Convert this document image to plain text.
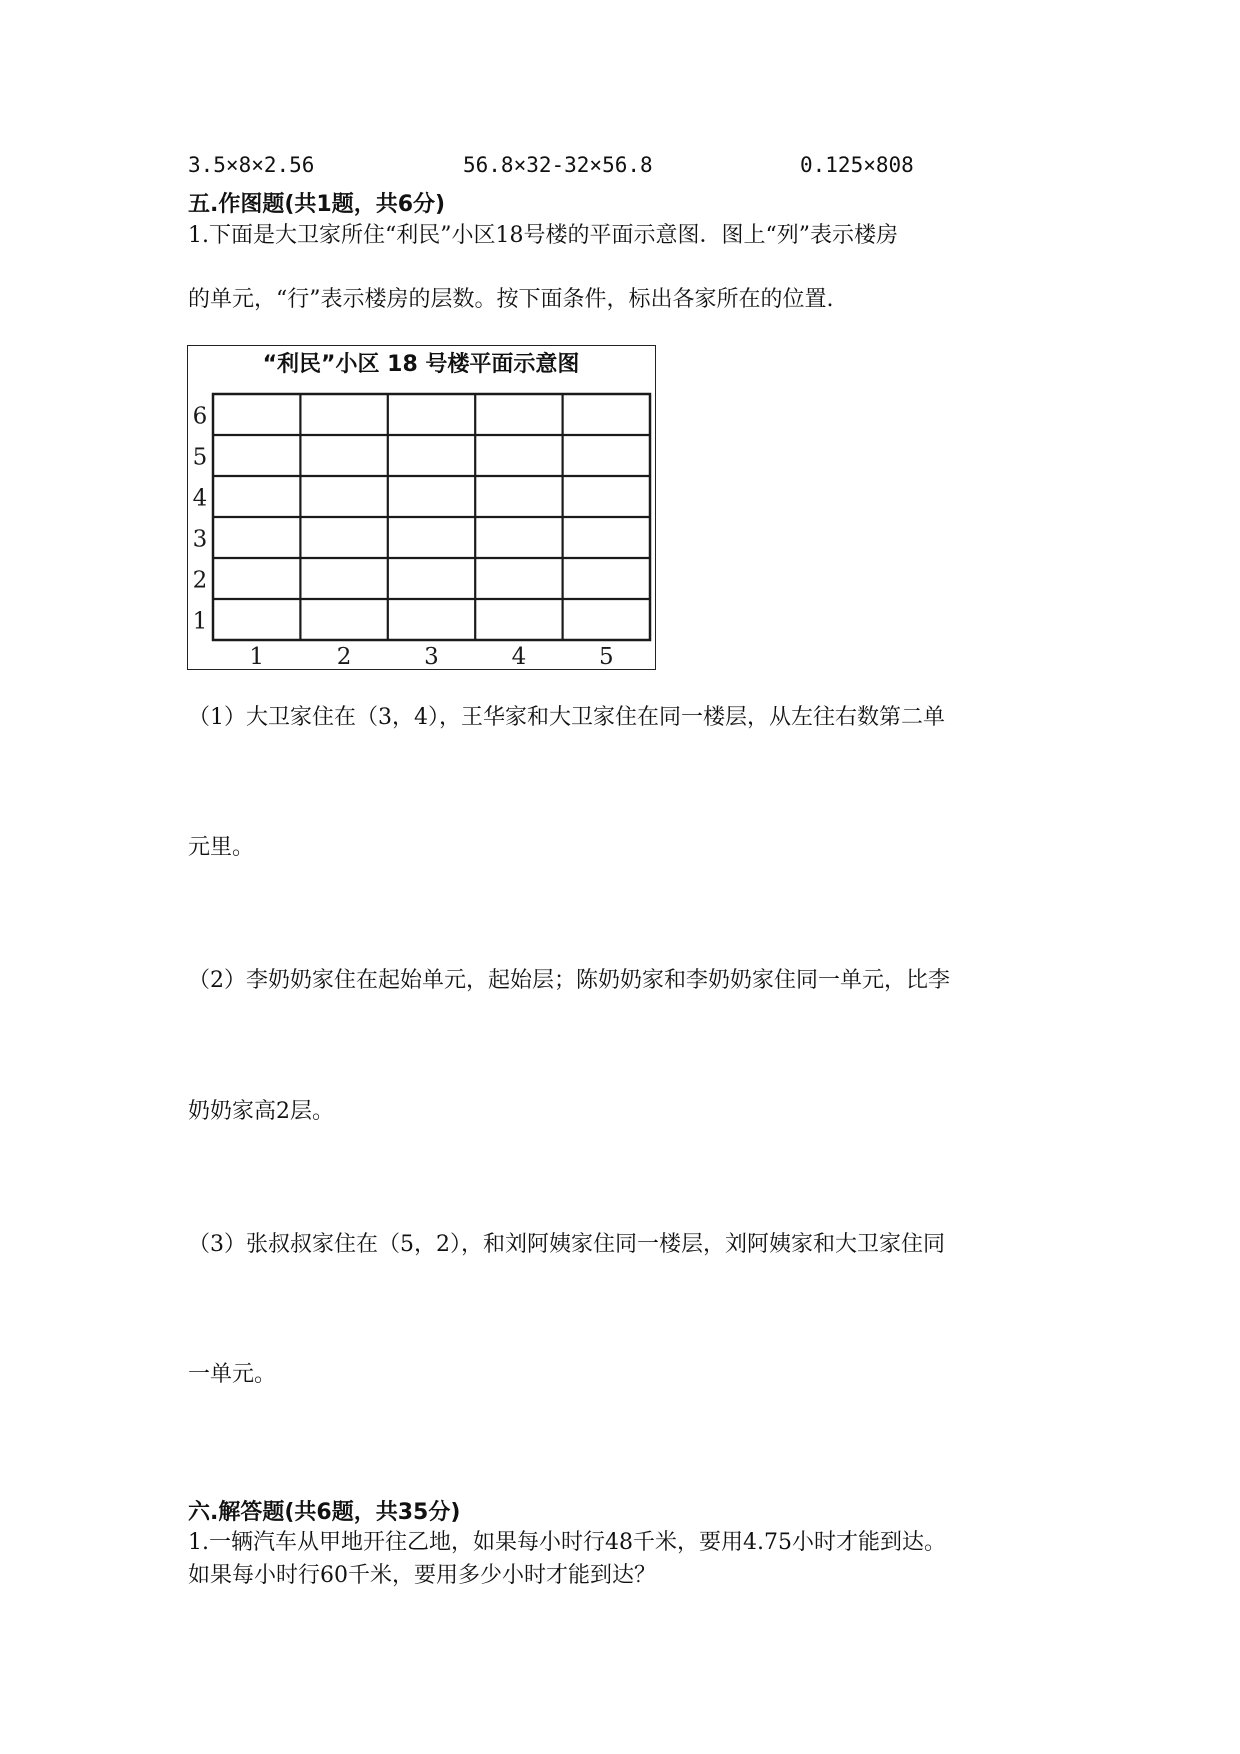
3.5×8×2.56	56.8×32-32×56.8	0.125×808
五.作图题(共1题，共6分)
1.下面是大卫家所住“利民”小区18号楼的平面示意图．图上“列”表示楼房
的单元，“行”表示楼房的层数。按下面条件，标出各家所在的位置.
“利民”小区 18 号楼平面示意图
6
5
4
3
2
1
1	2	3	4	5
（1）大卫家住在（3，4），王华家和大卫家住在同一楼层，从左往右数第二单
元里。
（2）李奶奶家住在起始单元，起始层；陈奶奶家和李奶奶家住同一单元，比李
奶奶家高2层。
（3）张叔叔家住在（5，2），和刘阿姨家住同一楼层，刘阿姨家和大卫家住同
一单元。
六.解答题(共6题，共35分)
1.一辆汽车从甲地开往乙地，如果每小时行48千米，要用4.75小时才能到达。
如果每小时行60千米，要用多少小时才能到达？
